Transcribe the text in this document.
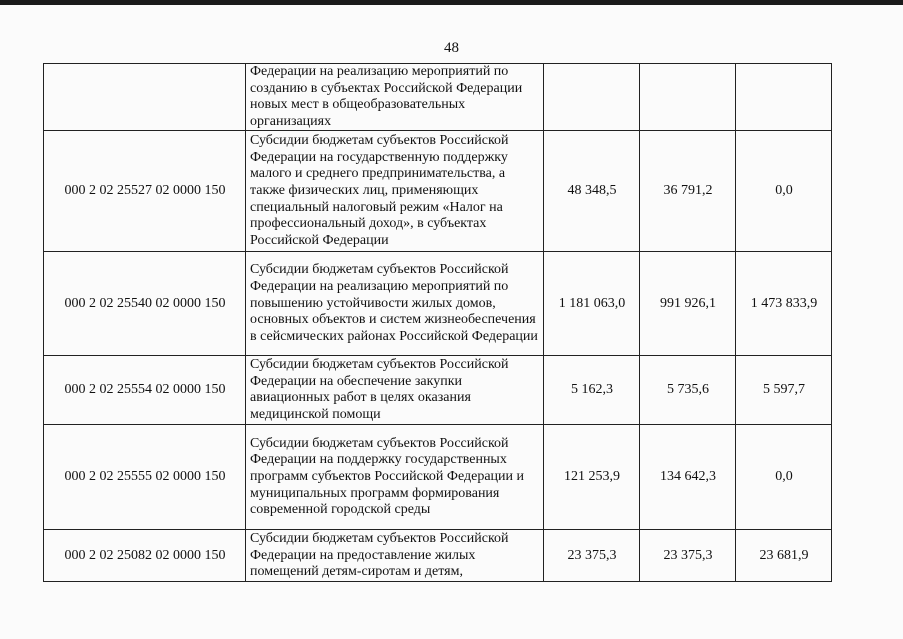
48
	Федерации на реализацию мероприятий по созданию в субъектах Российской Федерации новых мест в общеобразовательных организациях			
000 2 02 25527 02 0000 150	Субсидии бюджетам субъектов Российской Федерации на государственную поддержку малого и среднего предпринимательства, а также физических лиц, применяющих специальный налоговый режим «Налог на профессиональный доход», в субъектах Российской Федерации	48 348,5	36 791,2	0,0
000 2 02 25540 02 0000 150	Субсидии бюджетам субъектов Российской Федерации на реализацию мероприятий по повышению устойчивости жилых домов, основных объектов и систем жизнеобеспечения в сейсмических районах Российской Федерации	1 181 063,0	991 926,1	1 473 833,9
000 2 02 25554 02 0000 150	Субсидии бюджетам субъектов Российской Федерации на обеспечение закупки авиационных работ в целях оказания медицинской помощи	5 162,3	5 735,6	5 597,7
000 2 02 25555 02 0000 150	Субсидии бюджетам субъектов Российской Федерации на поддержку государственных программ субъектов Российской Федерации и муниципальных программ формирования современной городской среды	121 253,9	134 642,3	0,0
000 2 02 25082 02 0000 150	Субсидии бюджетам субъектов Российской Федерации на предоставление жилых помещений детям-сиротам и детям,	23 375,3	23 375,3	23 681,9
